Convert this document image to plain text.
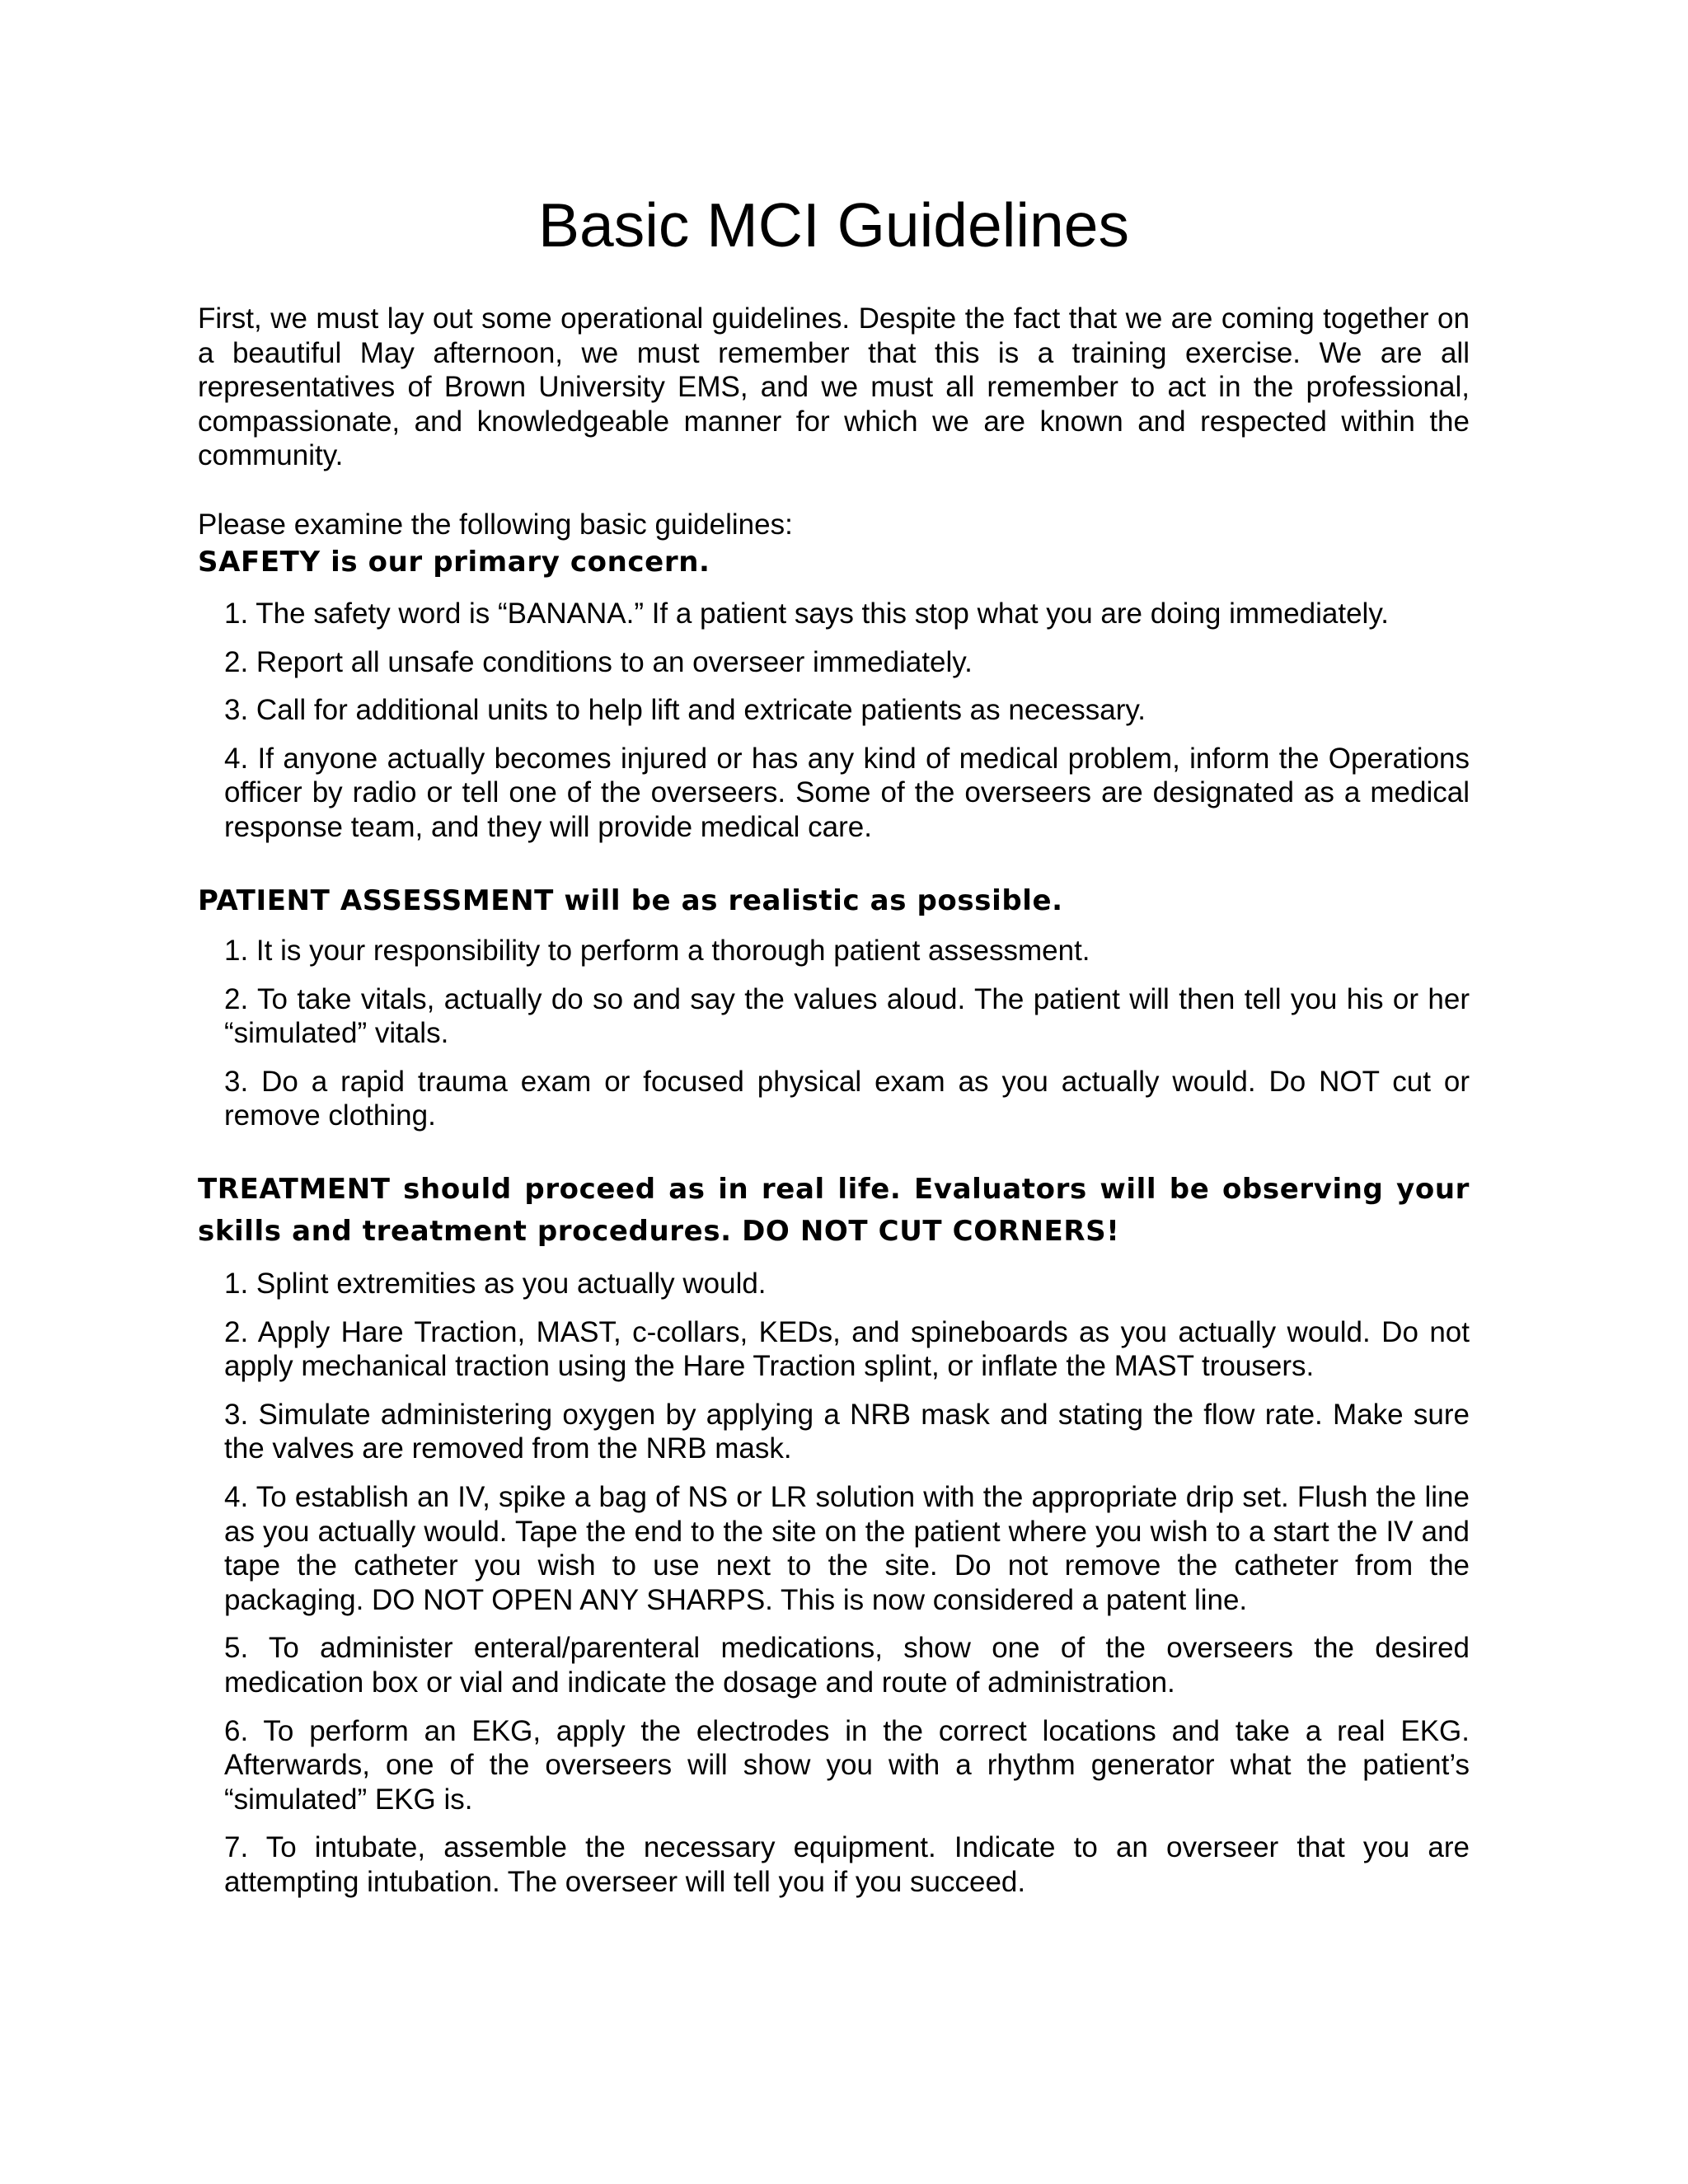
Basic MCI Guidelines

First, we must lay out some operational guidelines. Despite the fact that we are coming together on a beautiful May afternoon, we must remember that this is a training exercise. We are all representatives of Brown University EMS, and we must all remember to act in the professional, compassionate, and knowledgeable manner for which we are known and respected within the community.

Please examine the following basic guidelines:

SAFETY is our primary concern.
1. The safety word is “BANANA.” If a patient says this stop what you are doing immediately.
2. Report all unsafe conditions to an overseer immediately.
3. Call for additional units to help lift and extricate patients as necessary.
4. If anyone actually becomes injured or has any kind of medical problem, inform the Operations officer by radio or tell one of the overseers. Some of the overseers are designated as a medical response team, and they will provide medical care.
PATIENT ASSESSMENT will be as realistic as possible.
1. It is your responsibility to perform a thorough patient assessment.
2. To take vitals, actually do so and say the values aloud. The patient will then tell you his or her “simulated” vitals.
3. Do a rapid trauma exam or focused physical exam as you actually would. Do NOT cut or remove clothing.
TREATMENT should proceed as in real life. Evaluators will be observing your skills and treatment procedures. DO NOT CUT CORNERS!
1. Splint extremities as you actually would.
2. Apply Hare Traction, MAST, c-collars, KEDs, and spineboards as you actually would. Do not apply mechanical traction using the Hare Traction splint, or inflate the MAST trousers.
3. Simulate administering oxygen by applying a NRB mask and stating the flow rate. Make sure the valves are removed from the NRB mask.
4. To establish an IV, spike a bag of NS or LR solution with the appropriate drip set. Flush the line as you actually would. Tape the end to the site on the patient where you wish to a start the IV and tape the catheter you wish to use next to the site. Do not remove the catheter from the packaging. DO NOT OPEN ANY SHARPS. This is now considered a patent line.
5. To administer enteral/parenteral medications, show one of the overseers the desired medication box or vial and indicate the dosage and route of administration.
6. To perform an EKG, apply the electrodes in the correct locations and take a real EKG. Afterwards, one of the overseers will show you with a rhythm generator what the patient’s “simulated” EKG is.
7. To intubate, assemble the necessary equipment. Indicate to an overseer that you are attempting intubation. The overseer will tell you if you succeed.
